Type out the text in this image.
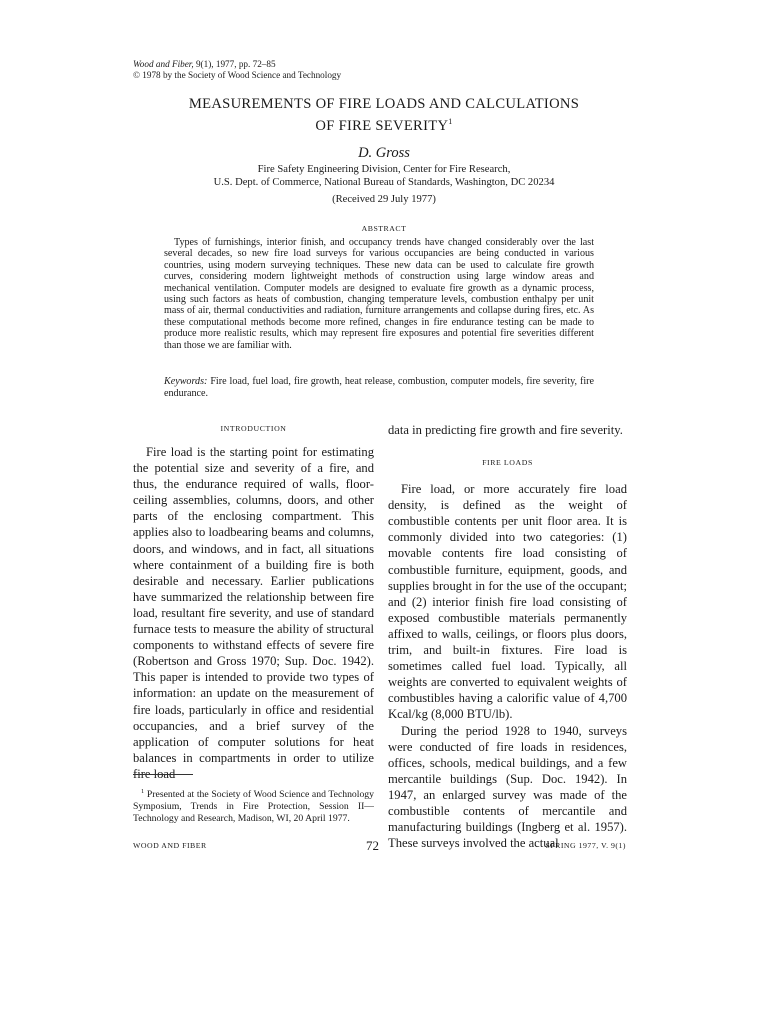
Wood and Fiber, 9(1), 1977, pp. 72–85
© 1978 by the Society of Wood Science and Technology
MEASUREMENTS OF FIRE LOADS AND CALCULATIONS
OF FIRE SEVERITY$^1$
D. Gross
Fire Safety Engineering Division, Center for Fire Research,
U.S. Dept. of Commerce, National Bureau of Standards, Washington, DC 20234
(Received 29 July 1977)
ABSTRACT

Types of furnishings, interior finish, and occupancy trends have changed considerably over the last several decades, so new fire load surveys for various occupancies are being conducted in various countries, using modern surveying techniques. These new data can be used to calculate fire growth curves, considering modern lightweight methods of construction using large window areas and mechanical ventilation. Computer models are designed to evaluate fire growth as a dynamic process, using such factors as heats of combustion, changing temperature levels, combustion enthalpy per unit mass of air, thermal conductivities and radiation, furniture arrangements and collapse during fires, etc. As these computational methods become more refined, changes in fire endurance testing can be made to produce more realistic results, which may represent fire exposures and potential fire severities different than those we are familiar with.

Keywords: Fire load, fuel load, fire growth, heat release, combustion, computer models, fire severity, fire endurance.

INTRODUCTION

Fire load is the starting point for estimating the potential size and severity of a fire, and thus, the endurance required of walls, floor-ceiling assemblies, columns, doors, and other parts of the enclosing compartment. This applies also to loadbearing beams and columns, doors, and windows, and in fact, all situations where containment of a building fire is both desirable and necessary. Earlier publications have summarized the relationship between fire load, resultant fire severity, and use of standard furnace tests to measure the ability of structural components to withstand effects of severe fire (Robertson and Gross 1970; Sup. Doc. 1942). This paper is intended to provide two types of information: an update on the measurement of fire loads, particularly in office and residential occupancies, and a brief survey of the application of computer solutions for heat balances in compartments in order to utilize fire load

data in predicting fire growth and fire severity.

FIRE LOADS

Fire load, or more accurately fire load density, is defined as the weight of combustible contents per unit floor area. It is commonly divided into two categories: (1) movable contents fire load consisting of combustible furniture, equipment, goods, and supplies brought in for the use of the occupant; and (2) interior finish fire load consisting of exposed combustible materials permanently affixed to walls, ceilings, or floors plus doors, trim, and built-in fixtures. Fire load is sometimes called fuel load. Typically, all weights are converted to equivalent weights of combustibles having a calorific value of 4,700 Kcal/kg (8,000 BTU/lb).

During the period 1928 to 1940, surveys were conducted of fire loads in residences, offices, schools, medical buildings, and a few mercantile buildings (Sup. Doc. 1942). In 1947, an enlarged survey was made of the combustible contents of mercantile and manufacturing buildings (Ingberg et al. 1957). These surveys involved the actual

$^1$ Presented at the Society of Wood Science and Technology Symposium, Trends in Fire Protection, Session II—Technology and Research, Madison, WI, 20 April 1977.

WOOD AND FIBER	72	SPRING 1977, V. 9(1)
